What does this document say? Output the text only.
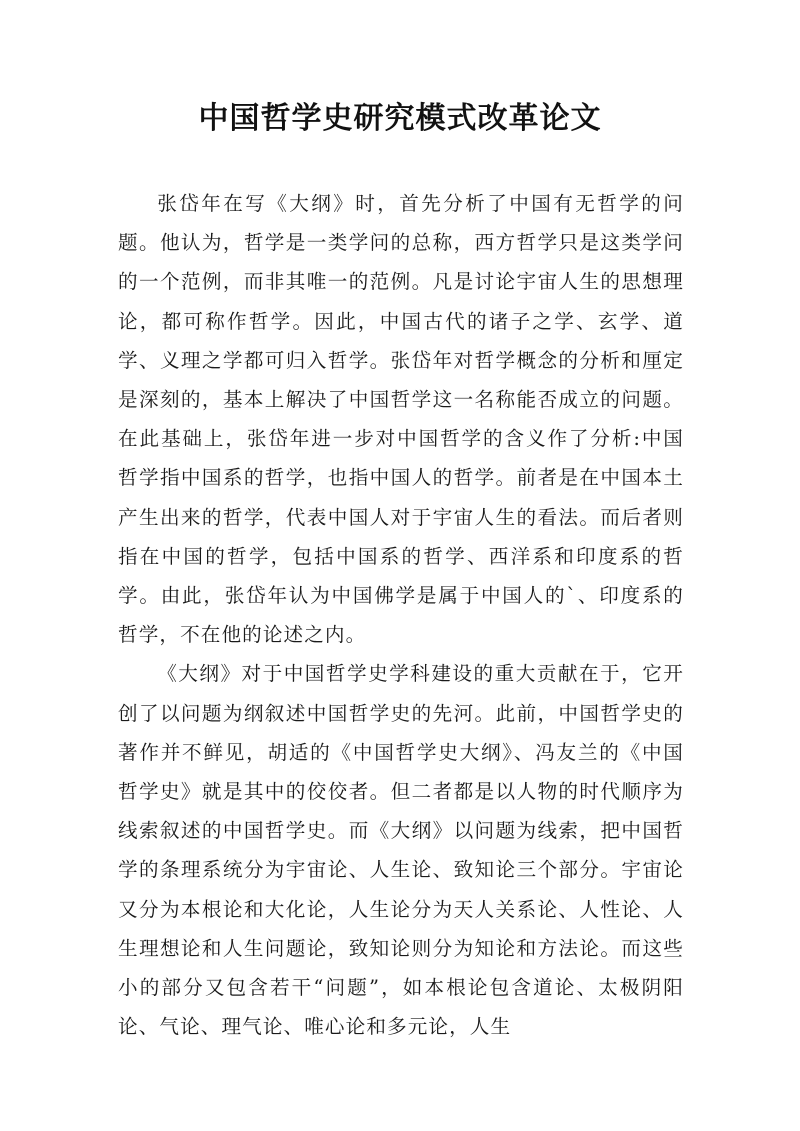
中国哲学史研究模式改革论文

张岱年在写《大纲》时，首先分析了中国有无哲学的问题。他认为，哲学是一类学问的总称，西方哲学只是这类学问的一个范例，而非其唯一的范例。凡是讨论宇宙人生的思想理论，都可称作哲学。因此，中国古代的诸子之学、玄学、道学、义理之学都可归入哲学。张岱年对哲学概念的分析和厘定是深刻的，基本上解决了中国哲学这一名称能否成立的问题。在此基础上，张岱年进一步对中国哲学的含义作了分析:中国哲学指中国系的哲学，也指中国人的哲学。前者是在中国本土产生出来的哲学，代表中国人对于宇宙人生的看法。而后者则指在中国的哲学，包括中国系的哲学、西洋系和印度系的哲学。由此，张岱年认为中国佛学是属于中国人的`、印度系的哲学，不在他的论述之内。

《大纲》对于中国哲学史学科建设的重大贡献在于，它开创了以问题为纲叙述中国哲学史的先河。此前，中国哲学史的著作并不鲜见，胡适的《中国哲学史大纲》、冯友兰的《中国哲学史》就是其中的佼佼者。但二者都是以人物的时代顺序为线索叙述的中国哲学史。而《大纲》以问题为线索，把中国哲学的条理系统分为宇宙论、人生论、致知论三个部分。宇宙论又分为本根论和大化论，人生论分为天人关系论、人性论、人生理想论和人生问题论，致知论则分为知论和方法论。而这些小的部分又包含若干“问题”，如本根论包含道论、太极阴阳论、气论、理气论、唯心论和多元论，人生
